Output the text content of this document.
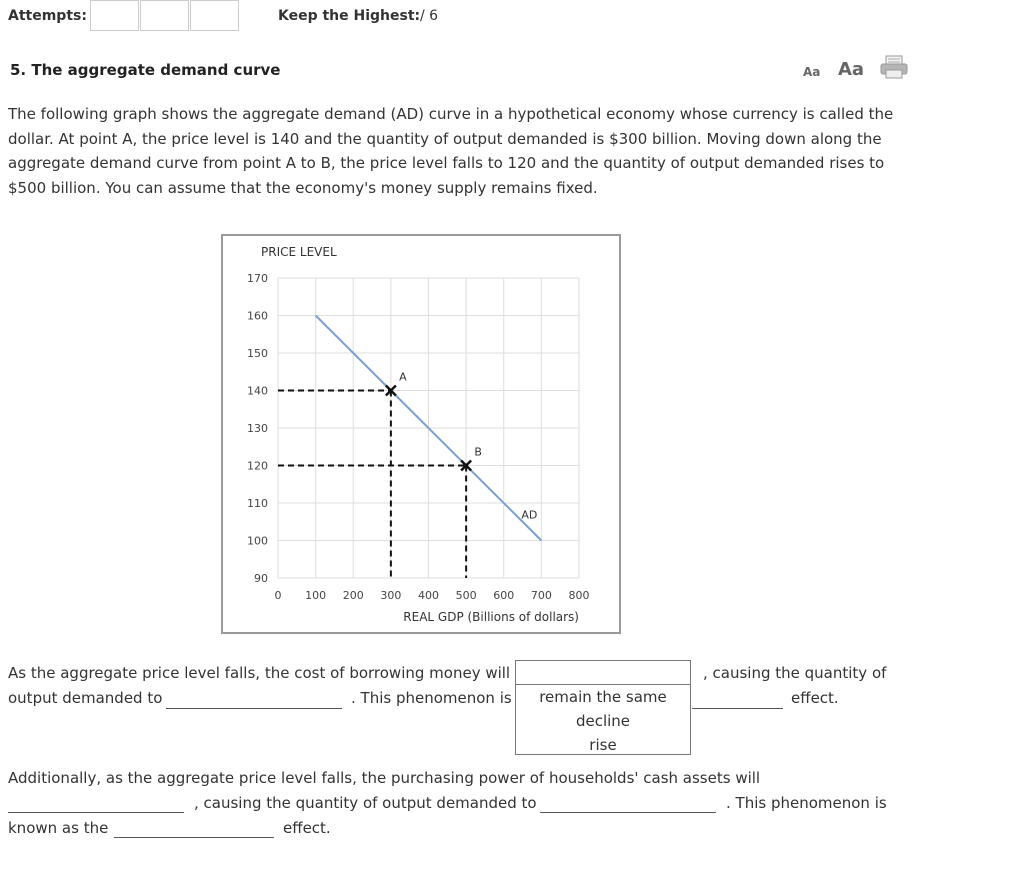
Attempts:	Keep the Highest: / 6
5. The aggregate demand curve	Aa Aa
The following graph shows the aggregate demand (AD) curve in a hypothetical economy whose currency is called the dollar. At point A, the price level is 140 and the quantity of output demanded is $300 billion. Moving down along the aggregate demand curve from point A to B, the price level falls to 120 and the quantity of output demanded rises to $500 billion. You can assume that the economy's money supply remains fixed.
170
160
150
140
130
120
110
100
90
0 100 200 300 400 500 600 700 800
PRICE LEVEL
REAL GDP (Billions of dollars)
AD
A
B
As the aggregate price level falls, the cost of borrowing money will
remain the same
decline
rise
, causing the quantity of
output demanded to	. This phenomenon is	effect.
Additionally, as the aggregate price level falls, the purchasing power of households' cash assets will
, causing the quantity of output demanded to	. This phenomenon is
known as the	effect.
